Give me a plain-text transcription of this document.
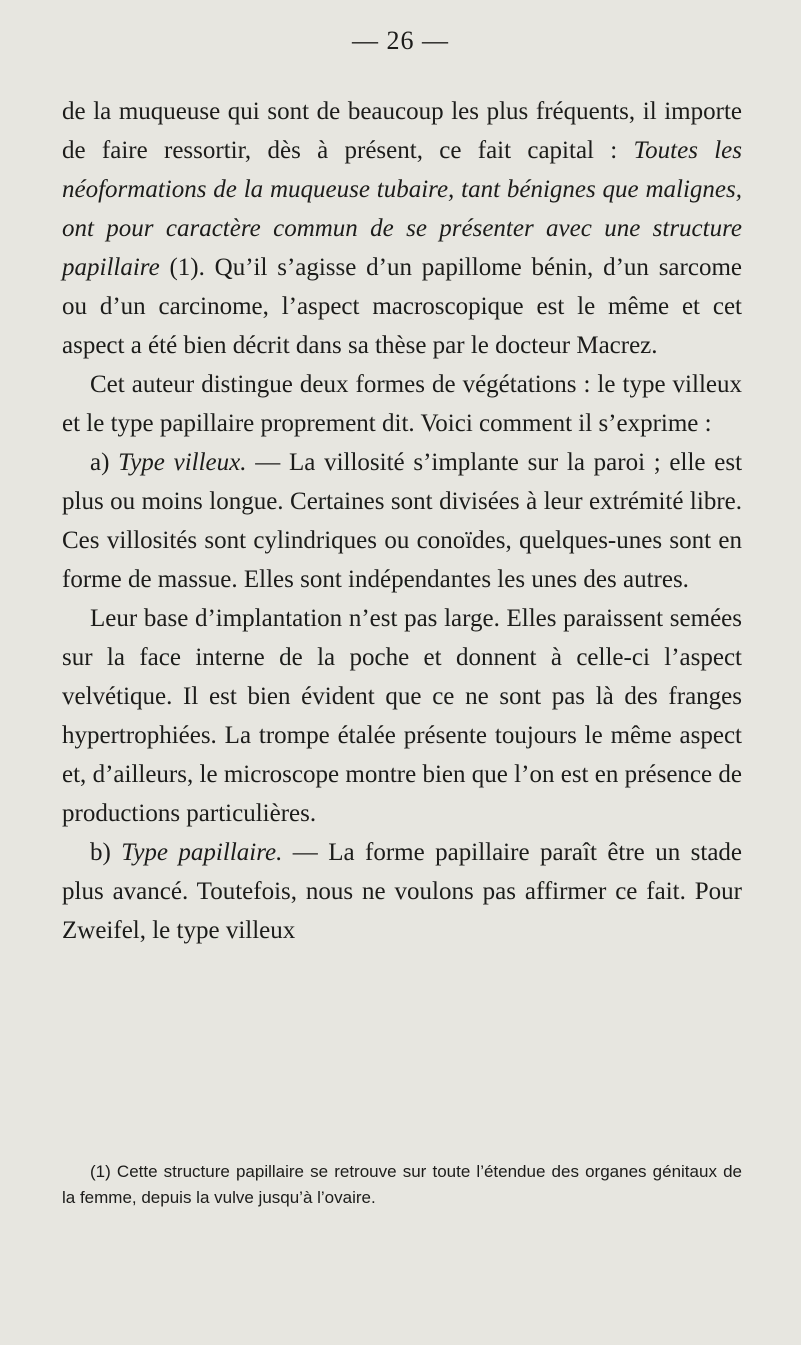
— 26 —

de la muqueuse qui sont de beaucoup les plus fréquents, il importe de faire ressortir, dès à présent, ce fait capital : Toutes les néoformations de la muqueuse tubaire, tant bénignes que malignes, ont pour caractère commun de se présenter avec une structure papillaire (1). Qu’il s’agisse d’un papillome bénin, d’un sarcome ou d’un carcinome, l’aspect macroscopique est le même et cet aspect a été bien décrit dans sa thèse par le docteur Macrez.

Cet auteur distingue deux formes de végétations : le type villeux et le type papillaire proprement dit. Voici comment il s’exprime :

a) Type villeux. — La villosité s’implante sur la paroi ; elle est plus ou moins longue. Certaines sont divisées à leur extrémité libre. Ces villosités sont cylindriques ou conoïdes, quelques-unes sont en forme de massue. Elles sont indépendantes les unes des autres.

Leur base d’implantation n’est pas large. Elles paraissent semées sur la face interne de la poche et donnent à celle-ci l’aspect velvétique. Il est bien évident que ce ne sont pas là des franges hypertrophiées. La trompe étalée présente toujours le même aspect et, d’ailleurs, le microscope montre bien que l’on est en présence de productions particulières.

b) Type papillaire. — La forme papillaire paraît être un stade plus avancé. Toutefois, nous ne voulons pas affirmer ce fait. Pour Zweifel, le type villeux

(1) Cette structure papillaire se retrouve sur toute l’étendue des organes génitaux de la femme, depuis la vulve jusqu’à l’ovaire.
